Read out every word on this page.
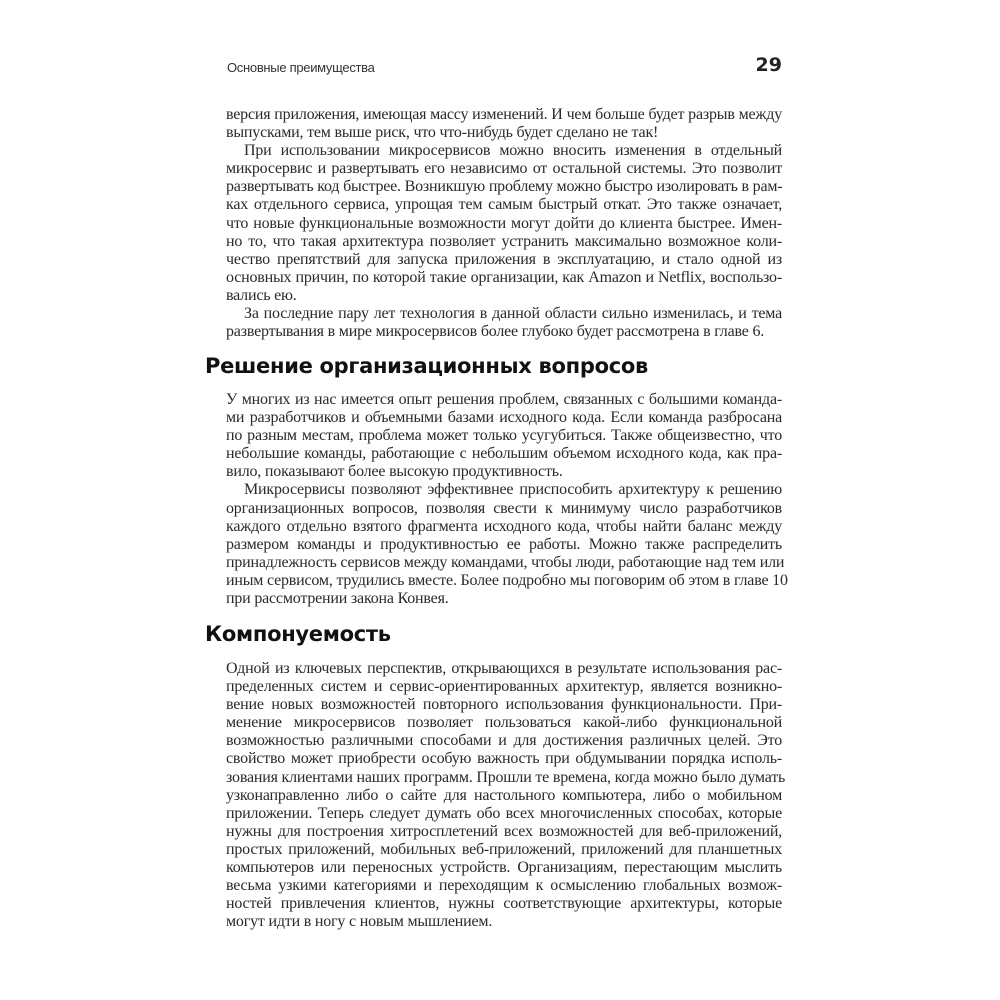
Основные преимущества	29
версия приложения, имеющая массу изменений. И чем больше будет разрыв между
выпусками, тем выше риск, что что-нибудь будет сделано не так!
При использовании микросервисов можно вносить изменения в отдельный
микросервис и развертывать его независимо от остальной системы. Это позволит
развертывать код быстрее. Возникшую проблему можно быстро изолировать в рам-
ках отдельного сервиса, упрощая тем самым быстрый откат. Это также означает,
что новые функциональные возможности могут дойти до клиента быстрее. Имен-
но то, что такая архитектура позволяет устранить максимально возможное коли-
чество препятствий для запуска приложения в эксплуатацию, и стало одной из
основных причин, по которой такие организации, как Amazon и Netflix, воспользо-
вались ею.
За последние пару лет технология в данной области сильно изменилась, и тема
развертывания в мире микросервисов более глубоко будет рассмотрена в главе 6.
Решение организационных вопросов
У многих из нас имеется опыт решения проблем, связанных с большими команда-
ми разработчиков и объемными базами исходного кода. Если команда разбросана
по разным местам, проблема может только усугубиться. Также общеизвестно, что
небольшие команды, работающие с небольшим объемом исходного кода, как пра-
вило, показывают более высокую продуктивность.
Микросервисы позволяют эффективнее приспособить архитектуру к решению
организационных вопросов, позволяя свести к минимуму число разработчиков
каждого отдельно взятого фрагмента исходного кода, чтобы найти баланс между
размером команды и продуктивностью ее работы. Можно также распределить
принадлежность сервисов между командами, чтобы люди, работающие над тем или
иным сервисом, трудились вместе. Более подробно мы поговорим об этом в главе 10
при рассмотрении закона Конвея.
Компонуемость
Одной из ключевых перспектив, открывающихся в результате использования рас-
пределенных систем и сервис-ориентированных архитектур, является возникно-
вение новых возможностей повторного использования функциональности. При-
менение микросервисов позволяет пользоваться какой-либо функциональной
возможностью различными способами и для достижения различных целей. Это
свойство может приобрести особую важность при обдумывании порядка исполь-
зования клиентами наших программ. Прошли те времена, когда можно было думать
узконаправленно либо о сайте для настольного компьютера, либо о мобильном
приложении. Теперь следует думать обо всех многочисленных способах, которые
нужны для построения хитросплетений всех возможностей для веб-приложений,
простых приложений, мобильных веб-приложений, приложений для планшетных
компьютеров или переносных устройств. Организациям, перестающим мыслить
весьма узкими категориями и переходящим к осмыслению глобальных возмож-
ностей привлечения клиентов, нужны соответствующие архитектуры, которые
могут идти в ногу с новым мышлением.
